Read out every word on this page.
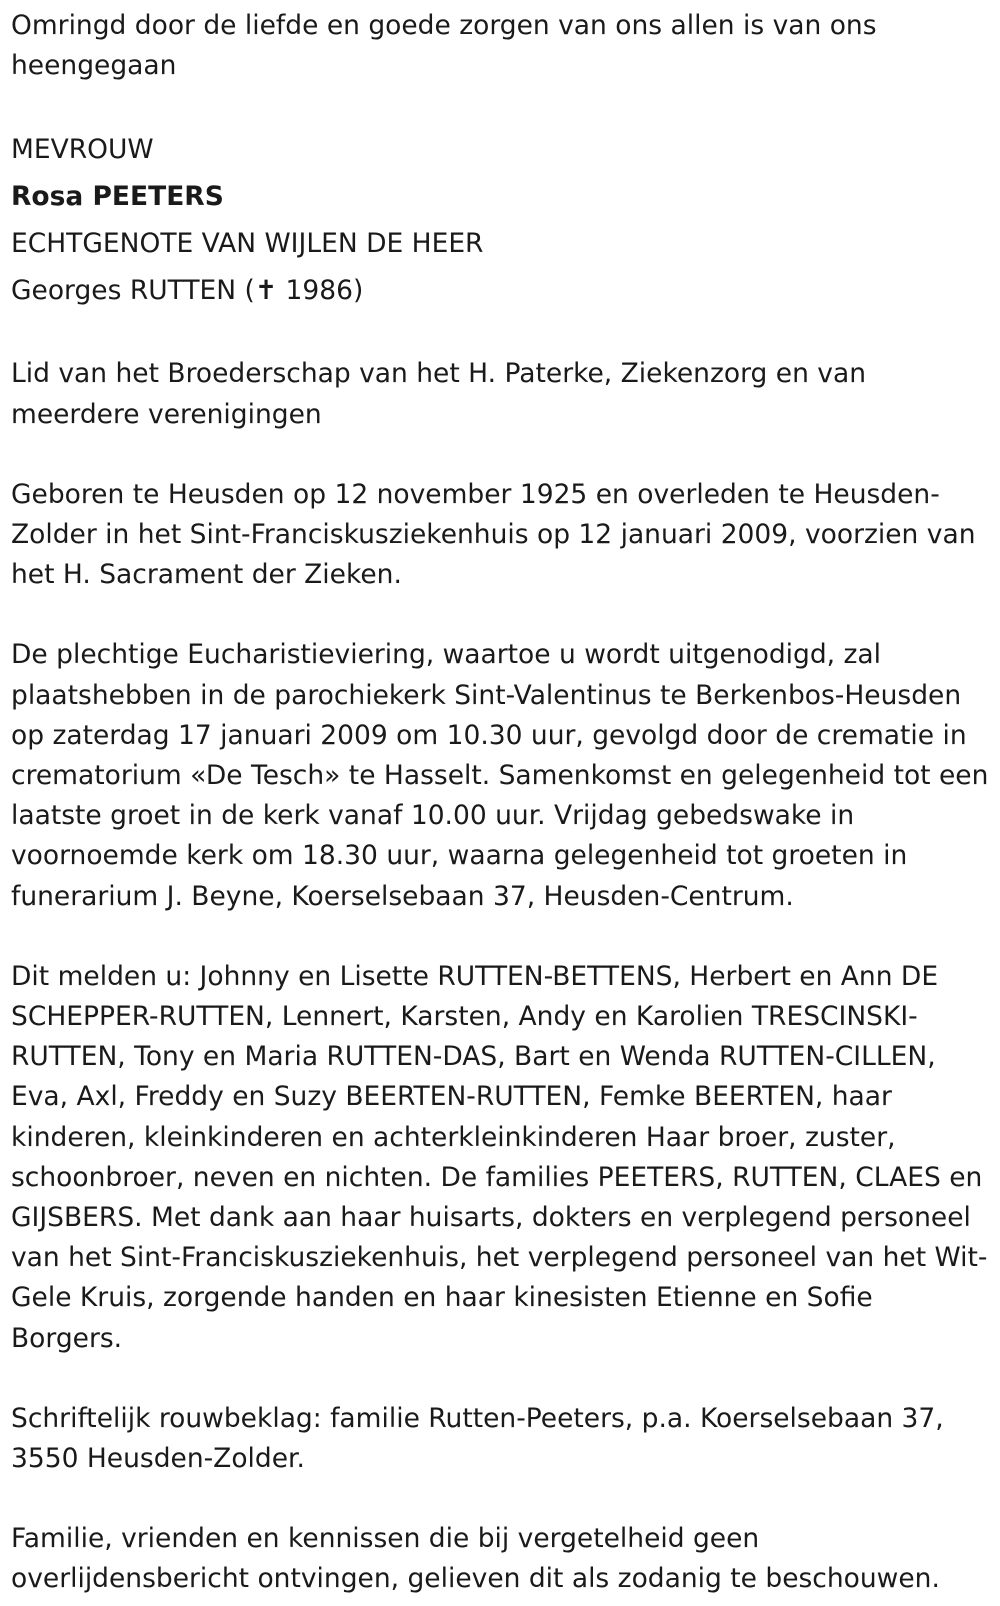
Omringd door de liefde en goede zorgen van ons allen is van ons heengegaan

MEVROUW

Rosa PEETERS

ECHTGENOTE VAN WIJLEN DE HEER

Georges RUTTEN (✝ 1986)

Lid van het Broederschap van het H. Paterke, Ziekenzorg en van meerdere verenigingen

Geboren te Heusden op 12 november 1925 en overleden te Heusden-Zolder in het Sint-Franciskusziekenhuis op 12 januari 2009, voorzien van het H. Sacrament der Zieken.

De plechtige Eucharistieviering, waartoe u wordt uitgenodigd, zal plaatshebben in de parochiekerk Sint-Valentinus te Berkenbos-Heusden op zaterdag 17 januari 2009 om 10.30 uur, gevolgd door de crematie in crematorium «De Tesch» te Hasselt. Samenkomst en gelegenheid tot een laatste groet in de kerk vanaf 10.00 uur. Vrijdag gebedswake in voornoemde kerk om 18.30 uur, waarna gelegenheid tot groeten in funerarium J. Beyne, Koerselsebaan 37, Heusden-Centrum.

Dit melden u: Johnny en Lisette RUTTEN-BETTENS, Herbert en Ann DE SCHEPPER-RUTTEN, Lennert, Karsten, Andy en Karolien TRESCINSKI-RUTTEN, Tony en Maria RUTTEN-DAS, Bart en Wenda RUTTEN-CILLEN, Eva, Axl, Freddy en Suzy BEERTEN-RUTTEN, Femke BEERTEN, haar kinderen, kleinkinderen en achterkleinkinderen Haar broer, zuster, schoonbroer, neven en nichten. De families PEETERS, RUTTEN, CLAES en GIJSBERS. Met dank aan haar huisarts, dokters en verplegend personeel van het Sint-Franciskusziekenhuis, het verplegend personeel van het Wit-Gele Kruis, zorgende handen en haar kinesisten Etienne en Sofie Borgers.

Schriftelijk rouwbeklag: familie Rutten-Peeters, p.a. Koerselsebaan 37, 3550 Heusden-Zolder.

Familie, vrienden en kennissen die bij vergetelheid geen overlijdensbericht ontvingen, gelieven dit als zodanig te beschouwen.
